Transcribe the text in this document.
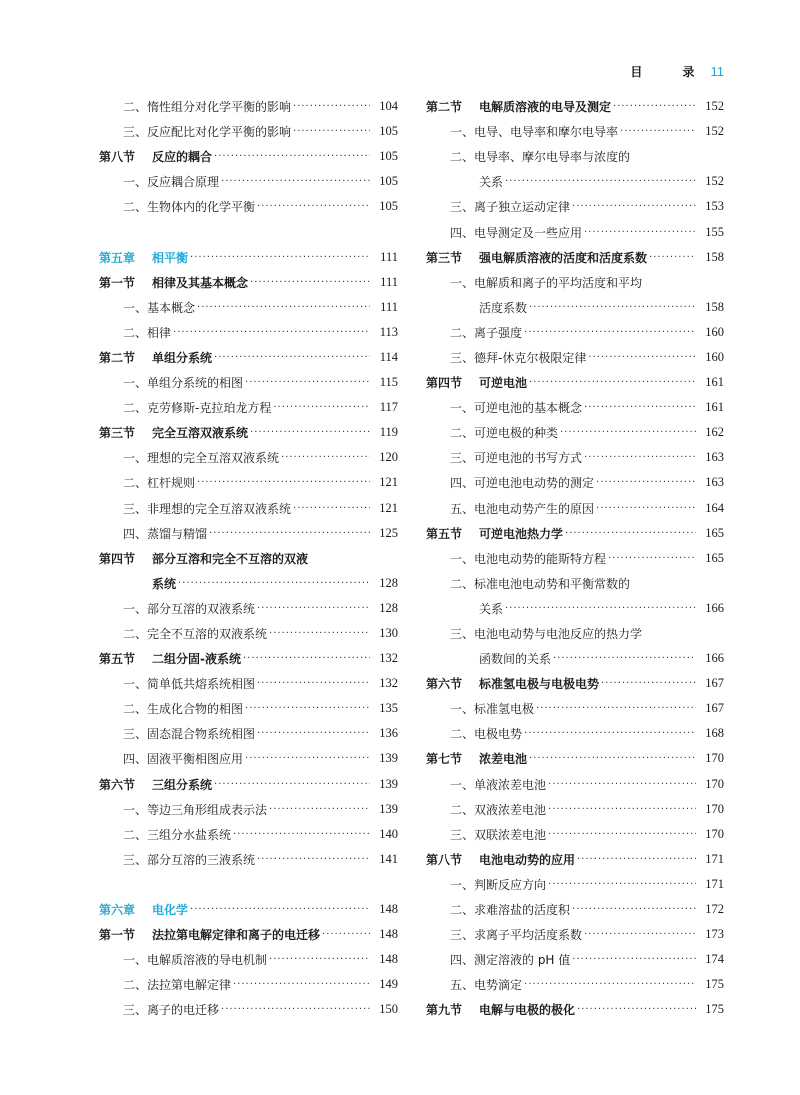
目 录
11
二、惰性组分对化学平衡的影响 ·····	104
三、反应配比对化学平衡的影响 ·····	105
第八节 反应的耦合 ·····	105
一、反应耦合原理 ·····	105
二、生物体内的化学平衡 ·····	105
第五章 相平衡 ·····	111
第一节 相律及其基本概念 ·····	111
一、基本概念 ·····	111
二、相律 ·····	113
第二节 单组分系统 ·····	114
一、单组分系统的相图 ·····	115
二、克劳修斯-克拉珀龙方程 ·····	117
第三节 完全互溶双液系统 ·····	119
一、理想的完全互溶双液系统 ·····	120
二、杠杆规则 ·····	121
三、非理想的完全互溶双液系统 ·····	121
四、蒸馏与精馏 ·····	125
第四节 部分互溶和完全不互溶的双液
系统 ·····	128
一、部分互溶的双液系统 ·····	128
二、完全不互溶的双液系统 ·····	130
第五节 二组分固-液系统 ·····	132
一、简单低共熔系统相图 ·····	132
二、生成化合物的相图 ·····	135
三、固态混合物系统相图 ·····	136
四、固液平衡相图应用 ·····	139
第六节 三组分系统 ·····	139
一、等边三角形组成表示法 ·····	139
二、三组分水盐系统 ·····	140
三、部分互溶的三液系统 ·····	141
第六章 电化学 ·····	148
第一节 法拉第电解定律和离子的电迁移 ·····	148
一、电解质溶液的导电机制 ·····	148
二、法拉第电解定律 ·····	149
三、离子的电迁移 ·····	150
第二节 电解质溶液的电导及测定 ·····	152
一、电导、电导率和摩尔电导率 ·····	152
二、电导率、摩尔电导率与浓度的
关系 ·····	152
三、离子独立运动定律 ·····	153
四、电导测定及一些应用 ·····	155
第三节 强电解质溶液的活度和活度系数 ·····	158
一、电解质和离子的平均活度和平均
活度系数 ·····	158
二、离子强度 ·····	160
三、德拜-休克尔极限定律 ·····	160
第四节 可逆电池 ·····	161
一、可逆电池的基本概念 ·····	161
二、可逆电极的种类 ·····	162
三、可逆电池的书写方式 ·····	163
四、可逆电池电动势的测定 ·····	163
五、电池电动势产生的原因 ·····	164
第五节 可逆电池热力学 ·····	165
一、电池电动势的能斯特方程 ·····	165
二、标准电池电动势和平衡常数的
关系 ·····	166
三、电池电动势与电池反应的热力学
函数间的关系 ·····	166
第六节 标准氢电极与电极电势 ·····	167
一、标准氢电极 ·····	167
二、电极电势 ·····	168
第七节 浓差电池 ·····	170
一、单液浓差电池 ·····	170
二、双液浓差电池 ·····	170
三、双联浓差电池 ·····	170
第八节 电池电动势的应用 ·····	171
一、判断反应方向 ·····	171
二、求难溶盐的活度积 ·····	172
三、求离子平均活度系数 ·····	173
四、测定溶液的 pH 值 ·····	174
五、电势滴定 ·····	175
第九节 电解与电极的极化 ·····	175
